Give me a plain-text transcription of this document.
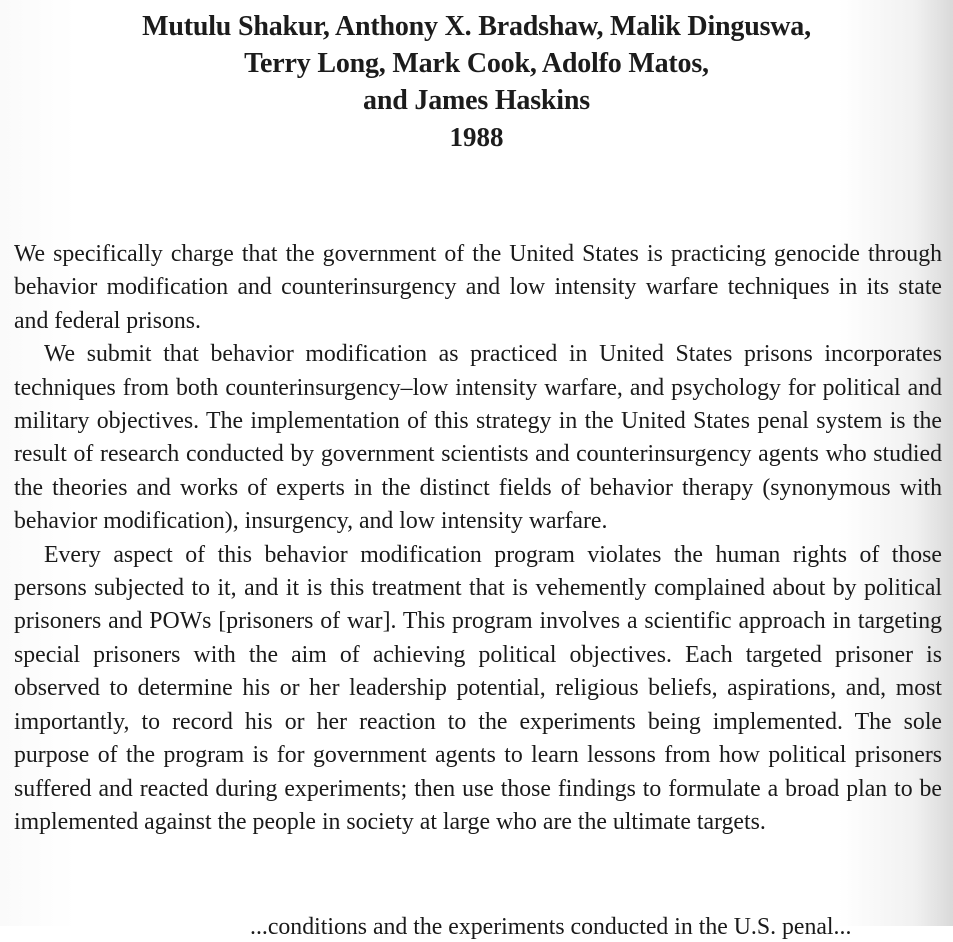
Mutulu Shakur, Anthony X. Bradshaw, Malik Dinguswa,
Terry Long, Mark Cook, Adolfo Matos,
and James Haskins
1988

We specifically charge that the government of the United States is practicing genocide through behavior modification and counterinsurgency and low intensity warfare techniques in its state and federal prisons.

We submit that behavior modification as practiced in United States prisons incorporates techniques from both counterinsurgency–low intensity warfare, and psychology for political and military objectives. The implementation of this strategy in the United States penal system is the result of research conducted by government scientists and counterinsurgency agents who studied the theories and works of experts in the distinct fields of behavior therapy (synonymous with behavior modification), insurgency, and low intensity warfare.

Every aspect of this behavior modification program violates the human rights of those persons subjected to it, and it is this treatment that is vehemently complained about by political prisoners and POWs [prisoners of war]. This program involves a scientific approach in targeting special prisoners with the aim of achieving political objectives. Each targeted prisoner is observed to determine his or her leadership potential, religious beliefs, aspirations, and, most importantly, to record his or her reaction to the experiments being implemented. The sole purpose of the program is for government agents to learn lessons from how political prisoners suffered and reacted during experiments; then use those findings to formulate a broad plan to be implemented against the people in society at large who are the ultimate targets.

...conditions and the experiments conducted in the U.S. penal...
